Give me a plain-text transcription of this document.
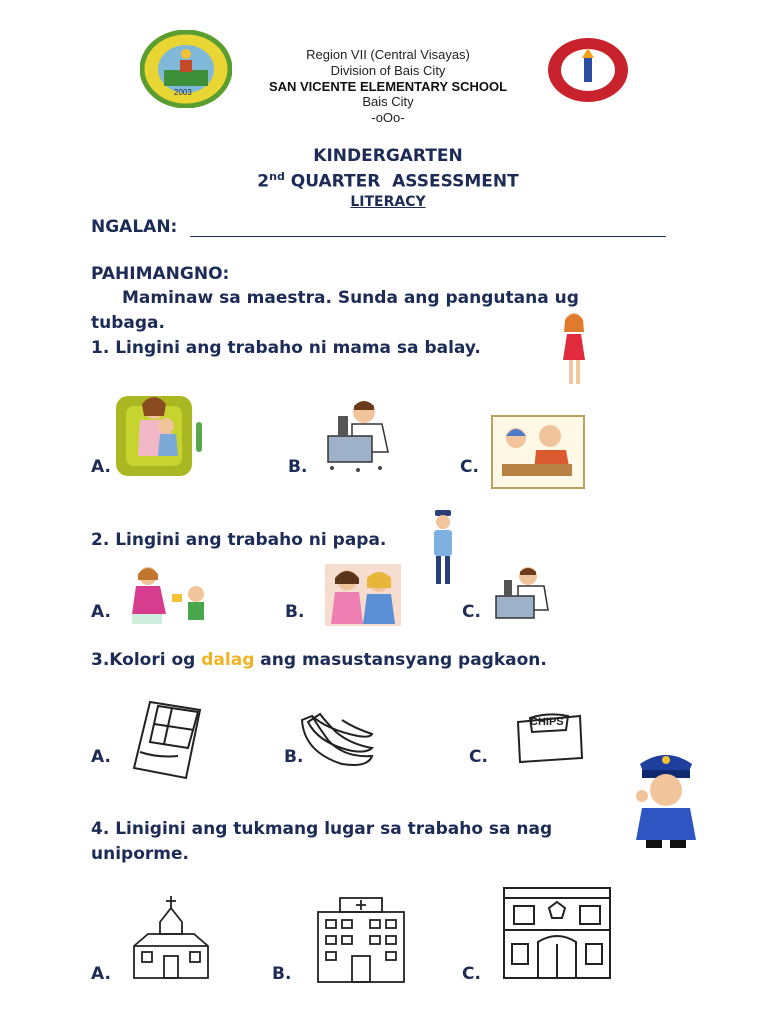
2003
Region VII (Central Visayas)
Division of Bais City
SAN VICENTE ELEMENTARY SCHOOL
Bais City
-oOo-
KINDERGARTEN
2nd QUARTER  ASSESSMENT
LITERACY
NGALAN:
PAHIMANGNO:
Maminaw sa maestra. Sunda ang pangutana ug
tubaga.
1. Lingini ang trabaho ni mama sa balay.
A.	B.	C.
2. Lingini ang trabaho ni papa.
A.	B.	C.
3.Kolori og dalag ang masustansyang pagkaon.
A.	B.	C.
CHIPS
4. Linigini ang tukmang lugar sa trabaho sa nag
uniporme.
A.	B.	C.
